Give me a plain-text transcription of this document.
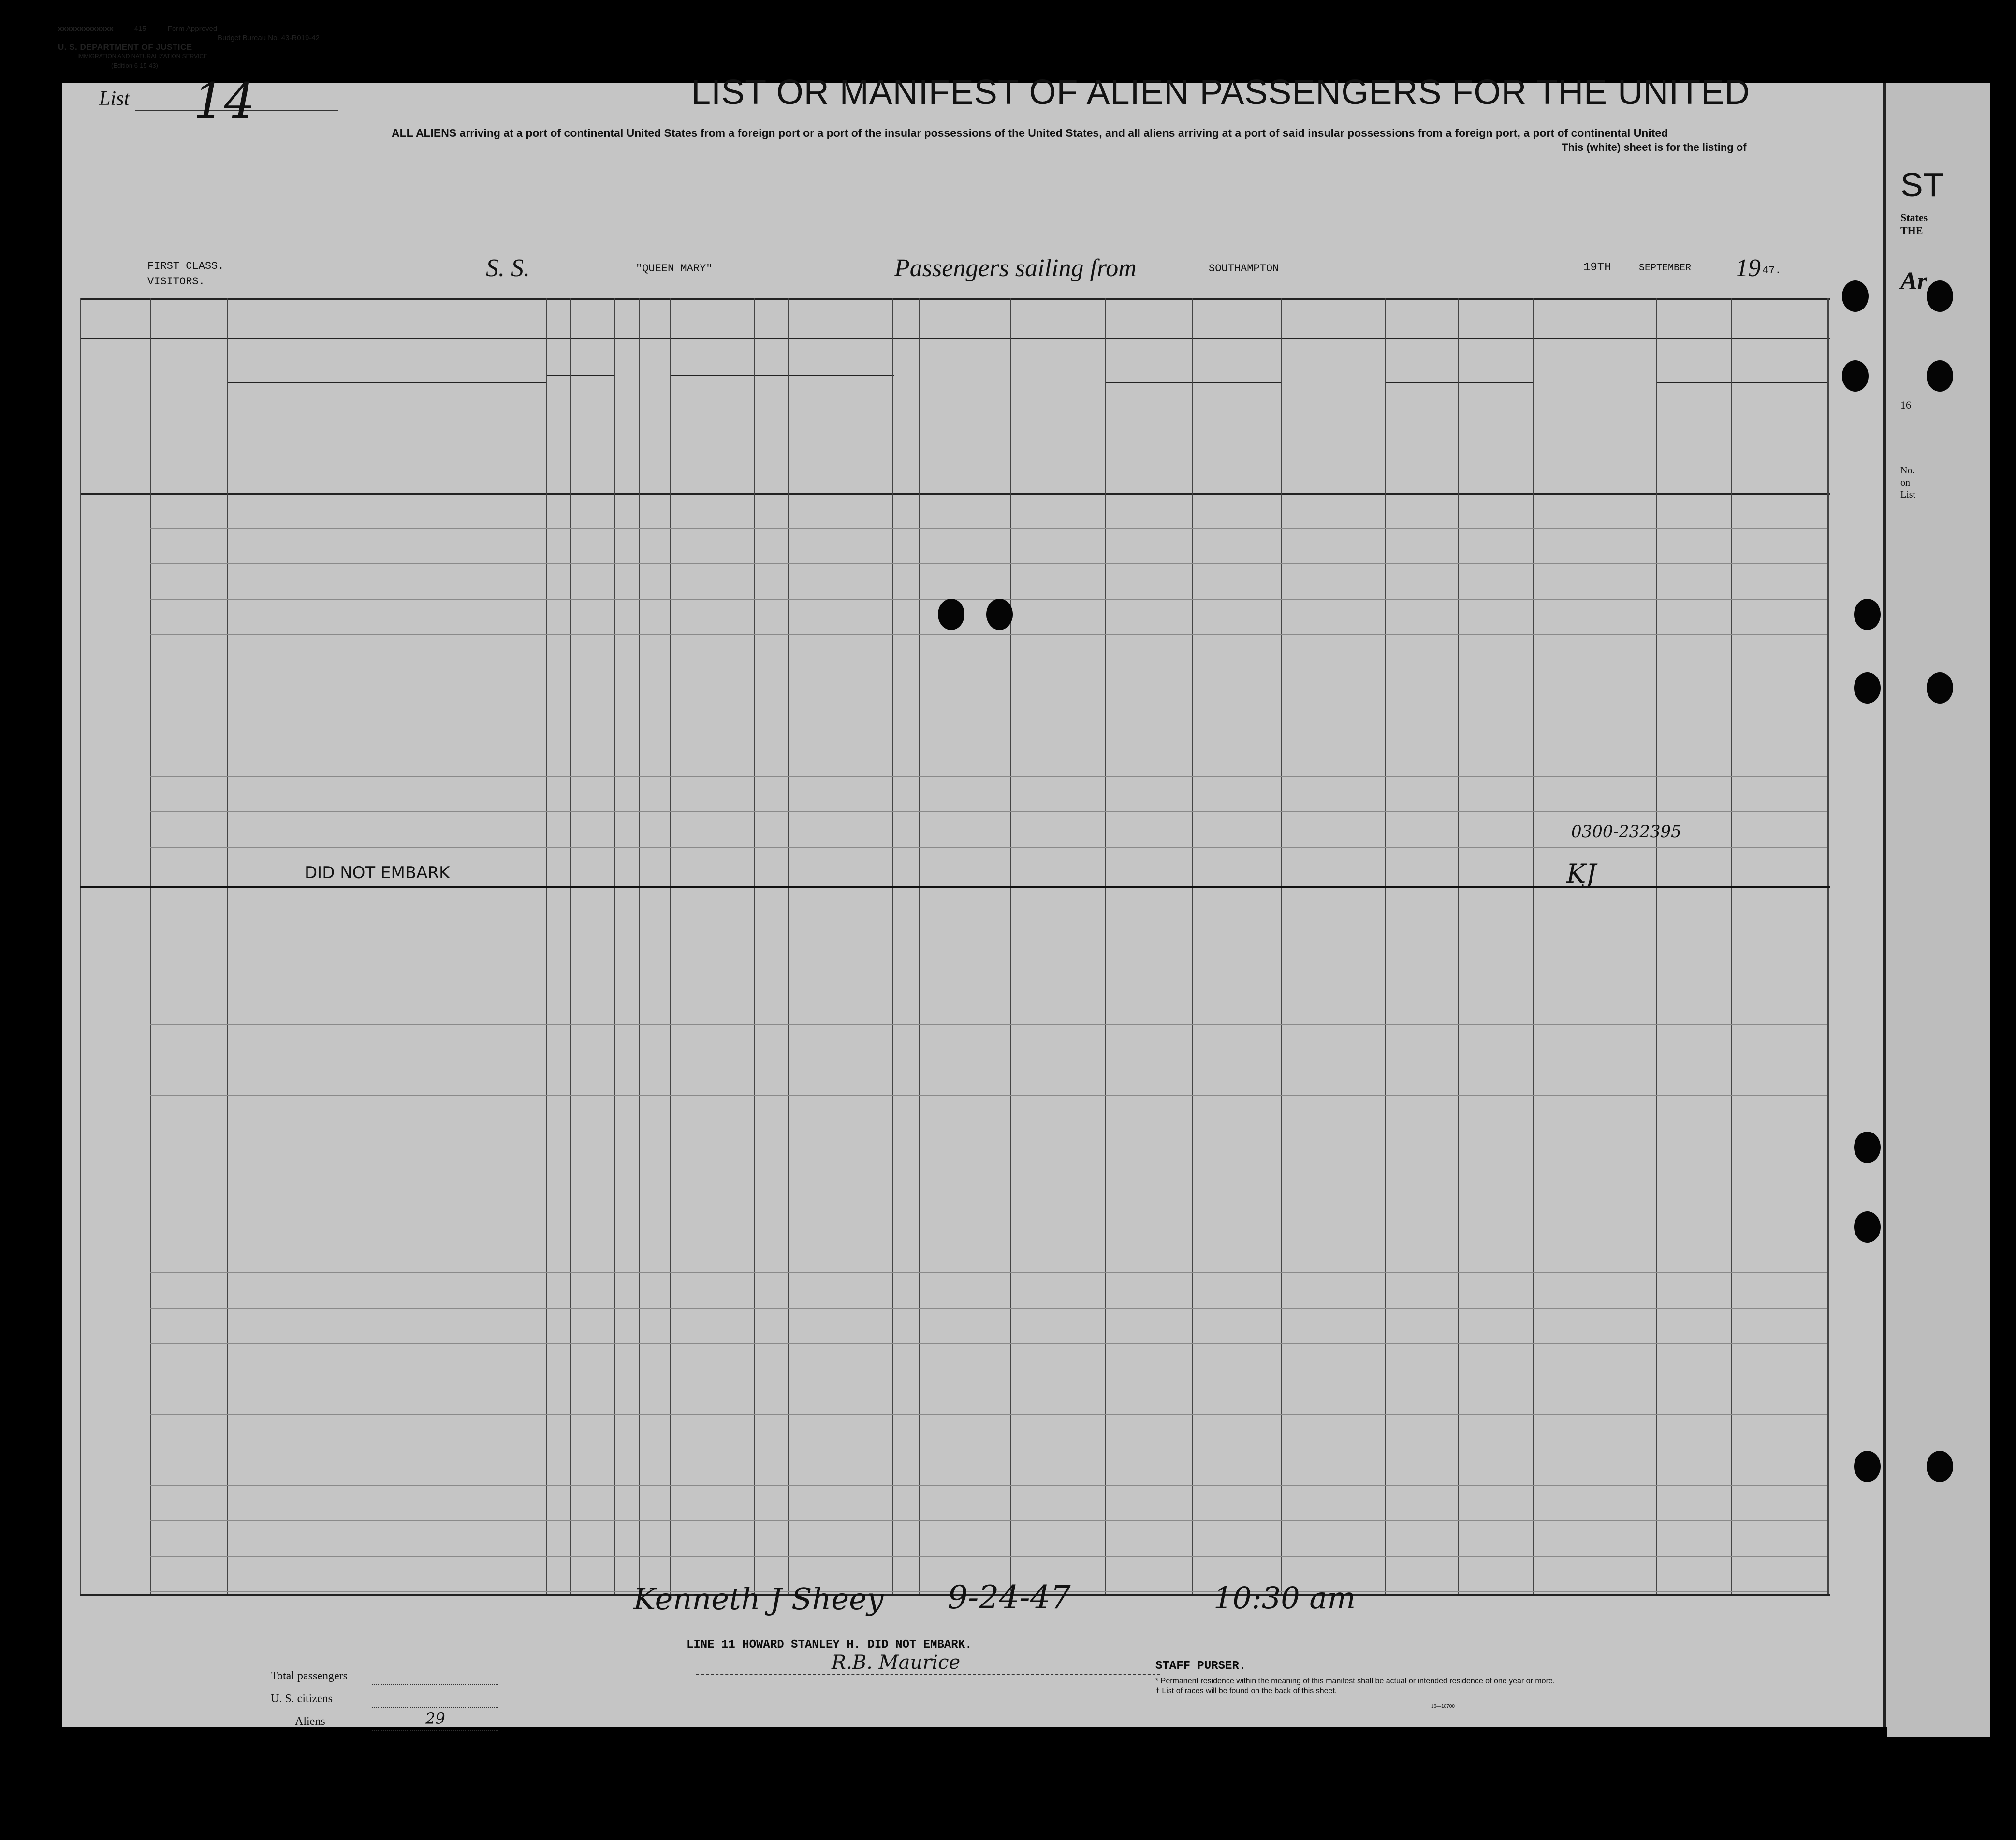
ST
States
THE
Ar
16
No.
on
List
xxxxxxxxxxxxx I 415	Form Approved
Budget Bureau No. 43-R019-42
U. S. DEPARTMENT OF JUSTICE
IMMIGRATION AND NATURALIZATION SERVICE
(Edition 6-15-43)
List 14	LIST OR MANIFEST OF ALIEN PASSENGERS FOR THE UNITED
ALL ALIENS arriving at a port of continental United States from a foreign port or a port of the insular possessions of the United States, and all aliens arriving at a port of said insular possessions from a foreign port, a port of continental United
This (white) sheet is for the listing of
FIRST CLASS.
VISITORS.	S. S.	"QUEEN MARY"	Passengers sailing from	SOUTHAMPTON	19TH	SEPTEMBER 19 47.
DID NOT EMBARK
0300-232395
KJ
Kenneth J Sheey 9-24-47	10:30 am
LINE 11 HOWARD STANLEY H. DID NOT EMBARK.
STAFF PURSER.
R.B. Maurice
Total passengers
U. S. citizens
Aliens	29
* Permanent residence within the meaning of this manifest shall be actual or intended residence of one year or more.
† List of races will be found on the back of this sheet.
16—18700
